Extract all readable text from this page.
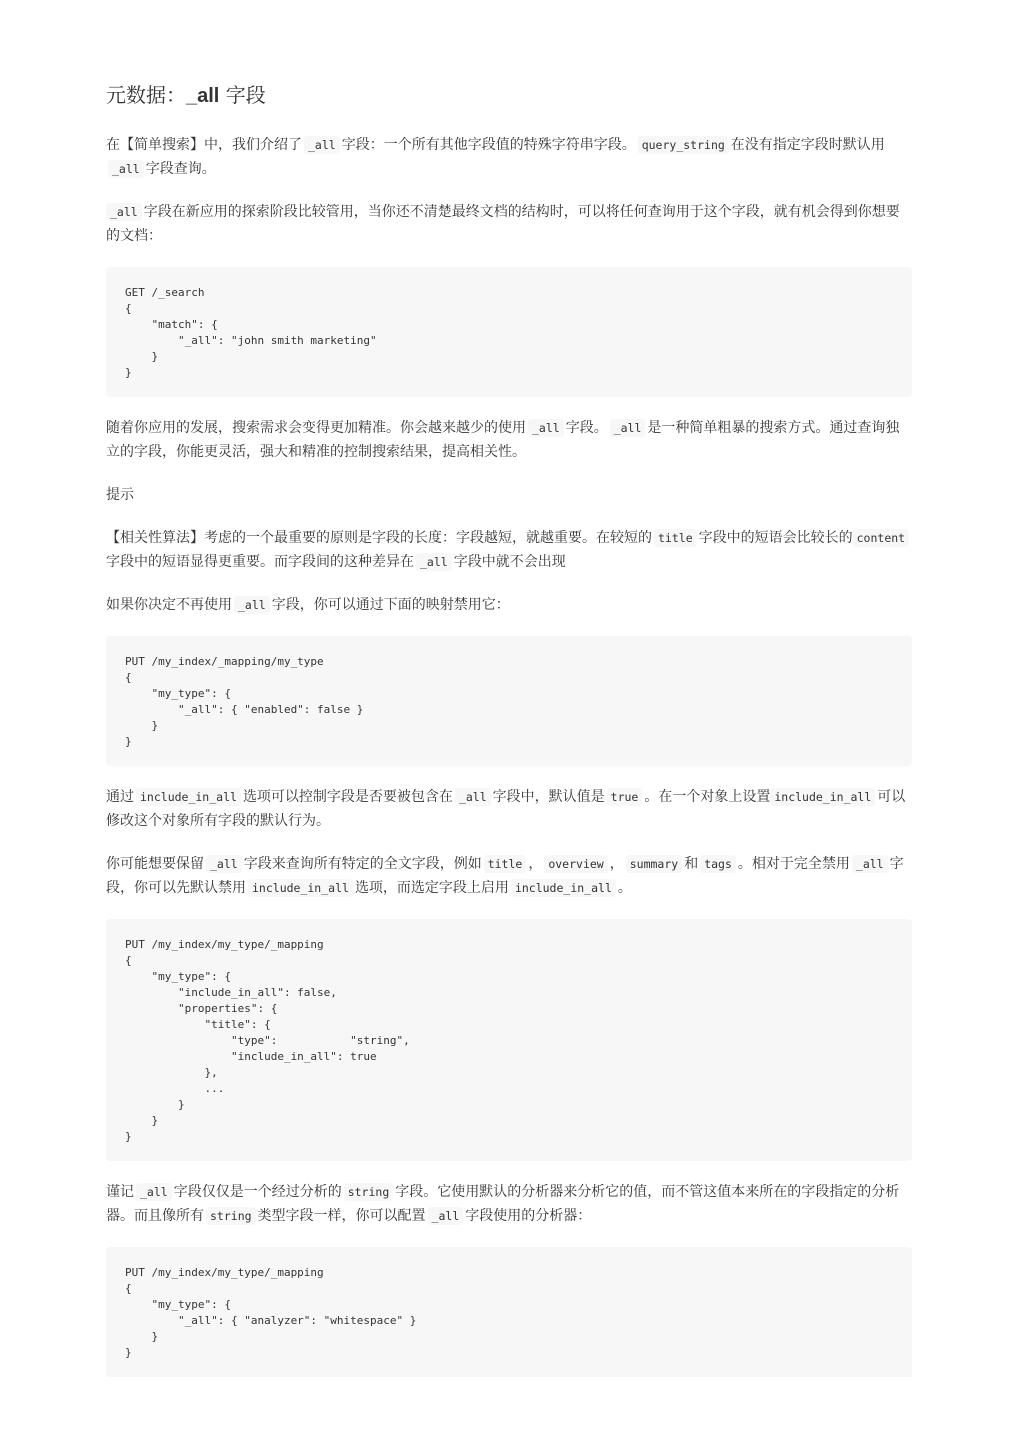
元数据：_all 字段

在【简单搜索】中，我们介绍了 _all 字段：一个所有其他字段值的特殊字符串字段。 query_string 在没有指定字段时默认用_all 字段查询。

_all 字段在新应用的探索阶段比较管用，当你还不清楚最终文档的结构时，可以将任何查询用于这个字段，就有机会得到你想要的文档：

GET /_search
{
"match": {
"_all": "john smith marketing"
}
}

随着你应用的发展，搜索需求会变得更加精准。你会越来越少的使用 _all 字段。 _all 是一种简单粗暴的搜索方式。通过查询独立的字段，你能更灵活，强大和精准的控制搜索结果，提高相关性。

提示

【相关性算法】考虑的一个最重要的原则是字段的长度：字段越短，就越重要。在较短的 title 字段中的短语会比较长的 content字段中的短语显得更重要。而字段间的这种差异在 _all 字段中就不会出现

如果你决定不再使用 _all 字段，你可以通过下面的映射禁用它：

PUT /my_index/_mapping/my_type
{
"my_type": {
"_all": { "enabled": false }
}
}

通过 include_in_all 选项可以控制字段是否要被包含在 _all 字段中，默认值是 true 。在一个对象上设置 include_in_all 可以修改这个对象所有字段的默认行为。

你可能想要保留 _all 字段来查询所有特定的全文字段，例如 title ， overview ， summary 和 tags 。相对于完全禁用 _all 字段，你可以先默认禁用 include_in_all 选项，而选定字段上启用 include_in_all 。

PUT /my_index/my_type/_mapping
{
"my_type": {
"include_in_all": false,
"properties": {
"title": {
"type":           "string",
"include_in_all": true
},
...
}
}
}

谨记 _all 字段仅仅是一个经过分析的 string 字段。它使用默认的分析器来分析它的值，而不管这值本来所在的字段指定的分析器。而且像所有 string 类型字段一样，你可以配置 _all 字段使用的分析器：

PUT /my_index/my_type/_mapping
{
"my_type": {
"_all": { "analyzer": "whitespace" }
}
}
